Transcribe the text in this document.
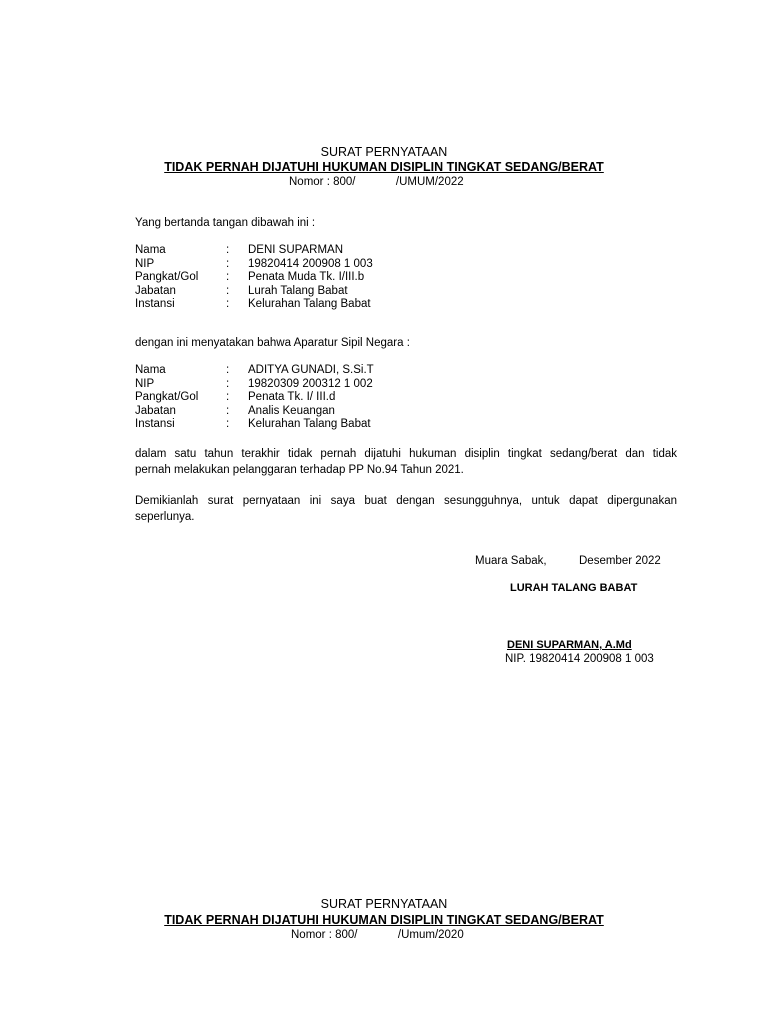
SURAT PERNYATAAN
TIDAK PERNAH DIJATUHI HUKUMAN DISIPLIN TINGKAT SEDANG/BERAT
Nomor : 800/	/UMUM/2022
Yang bertanda tangan dibawah ini :
Nama	: DENI SUPARMAN
NIP	: 19820414 200908 1 003
Pangkat/Gol : Penata Muda Tk. I/III.b
Jabatan	: Lurah Talang Babat
Instansi	: Kelurahan Talang Babat
dengan ini menyatakan bahwa Aparatur Sipil Negara :
Nama	: ADITYA GUNADI, S.Si.T
NIP	: 19820309 200312 1 002
Pangkat/Gol : Penata Tk. I/ III.d
Jabatan	: Analis Keuangan
Instansi	: Kelurahan Talang Babat
dalam satu tahun terakhir tidak pernah dijatuhi hukuman disiplin tingkat sedang/berat dan tidak
pernah melakukan pelanggaran terhadap PP No.94 Tahun 2021.
Demikianlah surat pernyataan ini saya buat dengan sesungguhnya, untuk dapat dipergunakan
seperlunya.
Muara Sabak,	Desember 2022
LURAH TALANG BABAT
DENI SUPARMAN, A.Md
NIP. 19820414 200908 1 003
SURAT PERNYATAAN
TIDAK PERNAH DIJATUHI HUKUMAN DISIPLIN TINGKAT SEDANG/BERAT
Nomor : 800/	/Umum/2020
